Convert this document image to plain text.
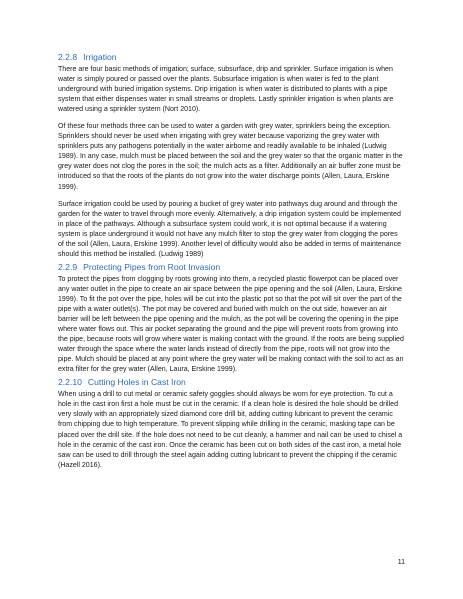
2.2.8 Irrigation

There are four basic methods of irrigation; surface, subsurface, drip and sprinkler. Surface irrigation is when water is simply poured or passed over the plants. Subsurface irrigation is when water is fed to the plant underground with buried irrigation systems. Drip irrigation is when water is distributed to plants with a pipe system that either dispenses water in small streams or droplets. Lastly sprinkler irrigation is when plants are watered using a sprinkler system (Nort 2010).

Of these four methods three can be used to water a garden with grey water, sprinklers being the exception. Sprinklers should never be used when irrigating with grey water because vaporizing the grey water with sprinklers puts any pathogens potentially in the water airborne and readily available to be inhaled (Ludwig 1989). In any case, mulch must be placed between the soil and the grey water so that the organic matter in the grey water does not clog the pores in the soil; the mulch acts as a filter. Additionally an air buffer zone must be introduced so that the roots of the plants do not grow into the water discharge points (Allen, Laura, Erskine 1999).

Surface irrigation could be used by pouring a bucket of grey water into pathways dug around and through the garden for the water to travel through more evenly. Alternatively, a drip irrigation system could be implemented in place of the pathways. Although a subsurface system could work, it is not optimal because if a watering system is place underground it would not have any mulch filter to stop the grey water from clogging the pores of the soil (Allen, Laura, Erskine 1999). Another level of difficulty would also be added in terms of maintenance should this method be installed. (Ludwig 1989)

2.2.9 Protecting Pipes from Root Invasion

To protect the pipes from clogging by roots growing into them, a recycled plastic flowerpot can be placed over any water outlet in the pipe to create an air space between the pipe opening and the soil (Allen, Laura, Erskine 1999). To fit the pot over the pipe, holes will be cut into the plastic pot so that the pot will sit over the part of the pipe with a water outlet(s). The pot may be covered and buried with mulch on the out side, however an air barrier will be left between the pipe opening and the mulch, as the pot will be covering the opening in the pipe where water flows out. This air pocket separating the ground and the pipe will prevent roots from growing into the pipe, because roots will grow where water is making contact with the ground. If the roots are being supplied water through the space where the water lands instead of directly from the pipe, roots will not grow into the pipe. Mulch should be placed at any point where the grey water will be making contact with the soil to act as an extra filter for the grey water (Allen, Laura, Erskine 1999).

2.2.10 Cutting Holes in Cast Iron

When using a drill to cut metal or ceramic safety goggles should always be worn for eye protection. To cut a hole in the cast iron first a hole must be cut in the ceramic. If a clean hole is desired the hole should be drilled very slowly with an appropriately sized diamond core drill bit, adding cutting lubricant to prevent the ceramic from chipping due to high temperature. To prevent slipping while drilling in the ceramic, masking tape can be placed over the drill site. If the hole does not need to be cut cleanly, a hammer and nail can be used to chisel a hole in the ceramic of the cast iron. Once the ceramic has been cut on both sides of the cast iron, a metal hole saw can be used to drill through the steel again adding cutting lubricant to prevent the chipping if the ceramic (Hazell 2016).

11
